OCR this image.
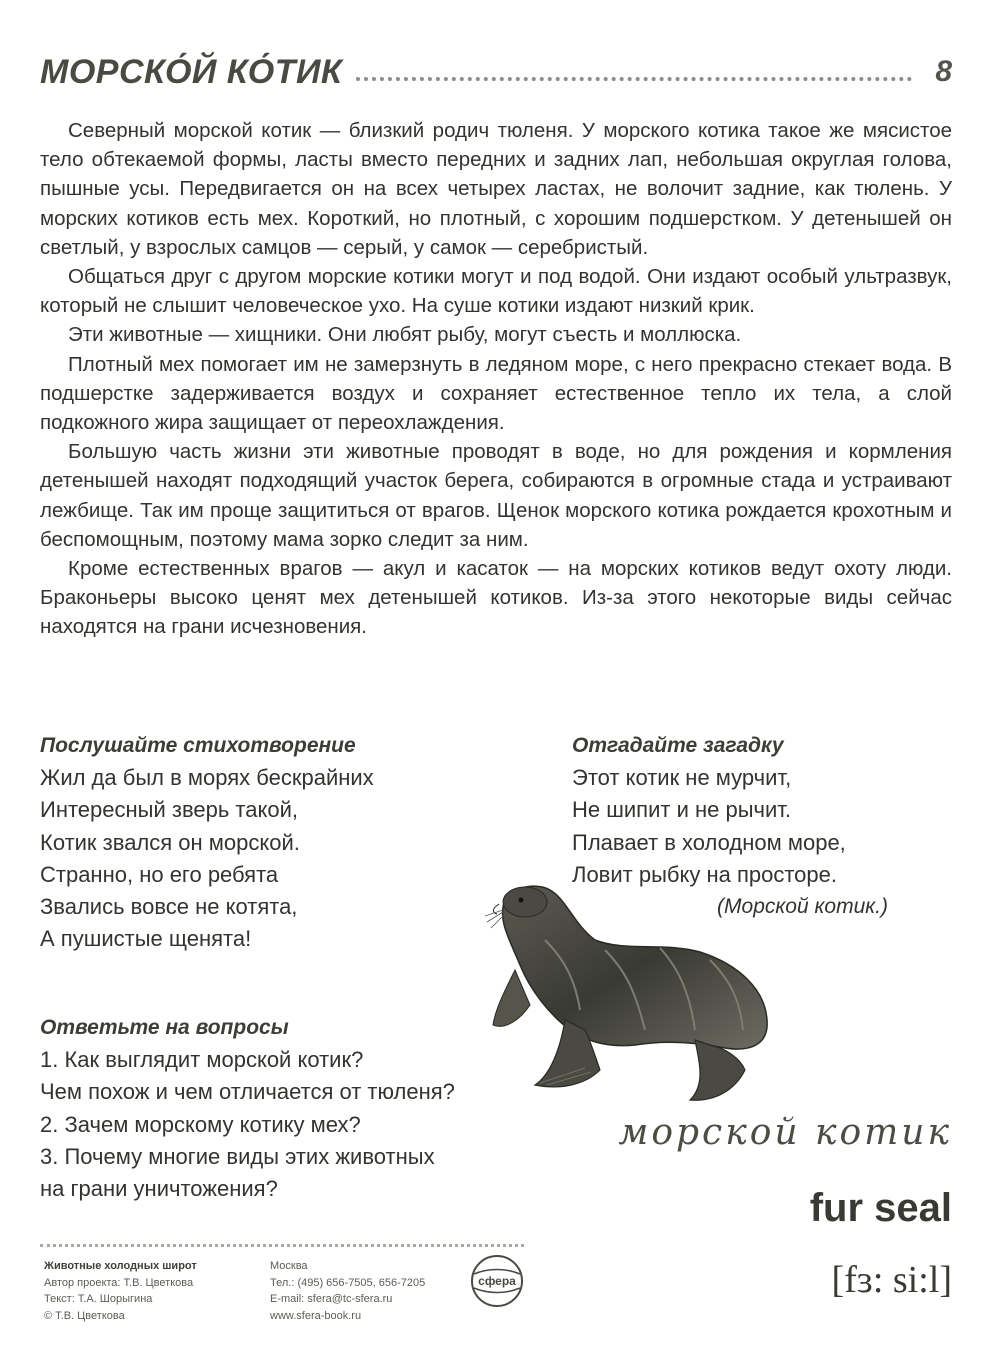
МОРСКО́Й КО́ТИК	8

Северный морской котик — близкий родич тюленя. У морского котика такое же мясистое тело обтекаемой формы, ласты вместо передних и задних лап, небольшая округлая голова, пышные усы. Передвигается он на всех четырех ластах, не волочит задние, как тюлень. У морских котиков есть мех. Короткий, но плотный, с хорошим подшерстком. У детенышей он светлый, у взрослых самцов — серый, у самок — серебристый.

Общаться друг с другом морские котики могут и под водой. Они издают особый ультразвук, который не слышит человеческое ухо. На суше котики издают низкий крик.

Эти животные — хищники. Они любят рыбу, могут съесть и моллюска.

Плотный мех помогает им не замерзнуть в ледяном море, с него прекрасно стекает вода. В подшерстке задерживается воздух и сохраняет естественное тепло их тела, а слой подкожного жира защищает от переохлаждения.

Большую часть жизни эти животные проводят в воде, но для рождения и кормления детенышей находят подходящий участок берега, собираются в огромные стада и устраивают лежбище. Так им проще защититься от врагов. Щенок морского котика рождается крохотным и беспомощным, поэтому мама зорко следит за ним.

Кроме естественных врагов — акул и касаток — на морских котиков ведут охоту люди. Браконьеры высоко ценят мех детенышей котиков. Из-за этого некоторые виды сейчас находятся на грани исчезновения.

Послушайте стихотворение
Жил да был в морях бескрайних
Интересный зверь такой,
Котик звался он морской.
Странно, но его ребята
Звались вовсе не котята,
А пушистые щенята!
Отгадайте загадку
Этот котик не мурчит,
Не шипит и не рычит.
Плавает в холодном море,
Ловит рыбку на просторе.
(Морской котик.)
Ответьте на вопросы
1. Как выглядит морской котик?
Чем похож и чем отличается от тюленя?
2. Зачем морскому котику мех?
3. Почему многие виды этих животных
на грани уничтожения?
морской котик
fur seal
[fɜ: si:l]
Животные холодных широт
Автор проекта: Т.В. Цветкова
Текст: Т.А. Шорыгина
© Т.В. Цветкова
Москва
Тел.: (495) 656-7505, 656-7205
E-mail: sfera@tc-sfera.ru
www.sfera-book.ru
сфера
